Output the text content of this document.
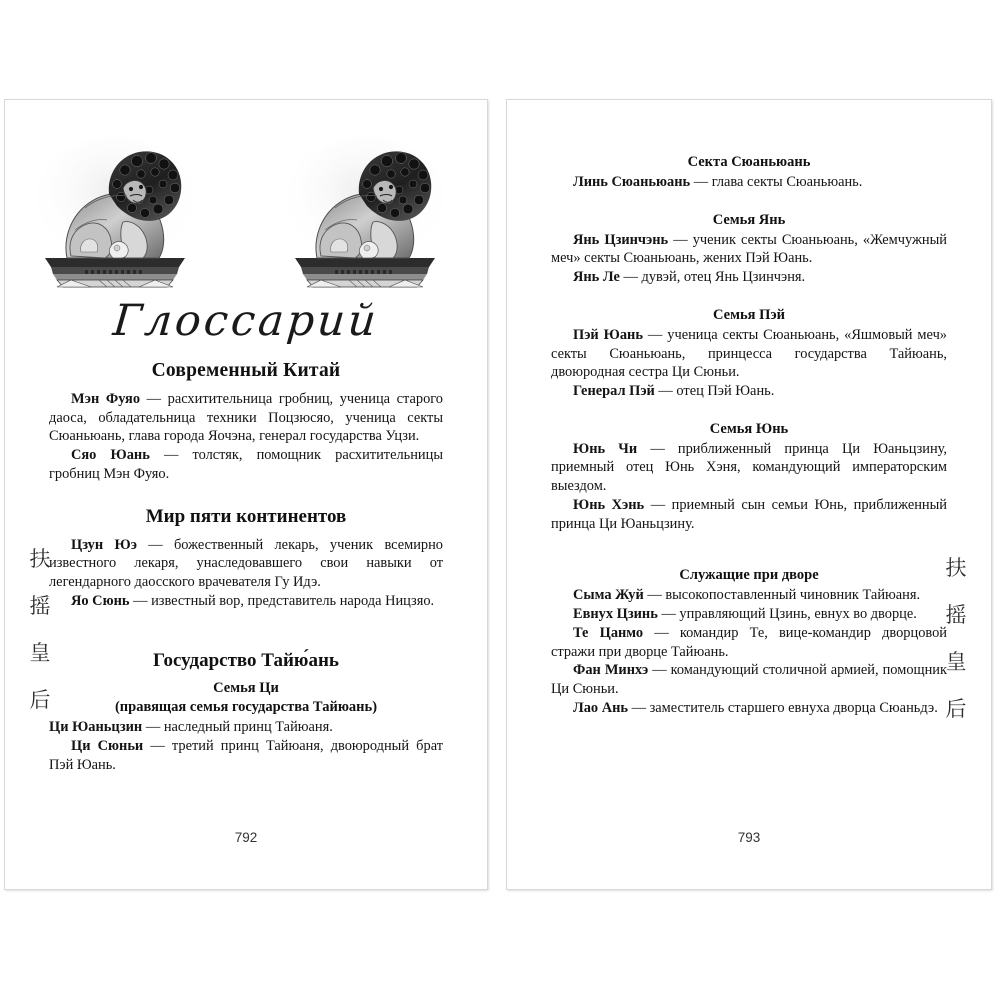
扶

摇

皇

后

Глоссарий
Современный Китай

Мэн Фуяо — расхитительница гробниц, ученица старого даоса, обладательница техники Поцзюсяо, ученица секты Сюаньюань, глава города Яочэна, генерал государства Уцзи.

Сяо Юань — толстяк, помощник расхитительницы гробниц Мэн Фуяо.

Мир пяти континентов

Цзун Юэ — божественный лекарь, ученик всемирно известного лекаря, унаследовавшего свои навыки от легендарного даосского врачевателя Гу Идэ.

Яо Сюнь — известный вор, представитель народа Ницзяо.

Государство Тайю́ань
Семья Ци
(правящая семья государства Тайюань)

Ци Юаньцзин — наследный принц Тайюаня.

Ци Сюньи — третий принц Тайюаня, двоюродный брат Пэй Юань.

792

扶

摇

皇

后

Секта Сюаньюань

Линь Сюаньюань — глава секты Сюаньюань.

Семья Янь

Янь Цзинчэнь — ученик секты Сюаньюань, «Жемчужный меч» секты Сюаньюань, жених Пэй Юань.

Янь Ле — дувэй, отец Янь Цзинчэня.

Семья Пэй

Пэй Юань — ученица секты Сюаньюань, «Яшмовый меч» секты Сюаньюань, принцесса государства Тайюань, двоюродная сестра Ци Сюньи.

Генерал Пэй — отец Пэй Юань.

Семья Юнь

Юнь Чи — приближенный принца Ци Юаньцзину, приемный отец Юнь Хэня, командующий императорским выездом.

Юнь Хэнь — приемный сын семьи Юнь, приближенный принца Ци Юаньцзину.

Служащие при дворе

Сыма Жуй — высокопоставленный чиновник Тайюаня.

Евнух Цзинь — управляющий Цзинь, евнух во дворце.

Те Цанмо — командир Те, вице-командир дворцовой стражи при дворце Тайюань.

Фан Минхэ — командующий столичной армией, помощник Ци Сюньи.

Лао Ань — заместитель старшего евнуха дворца Сюаньдэ.

793
